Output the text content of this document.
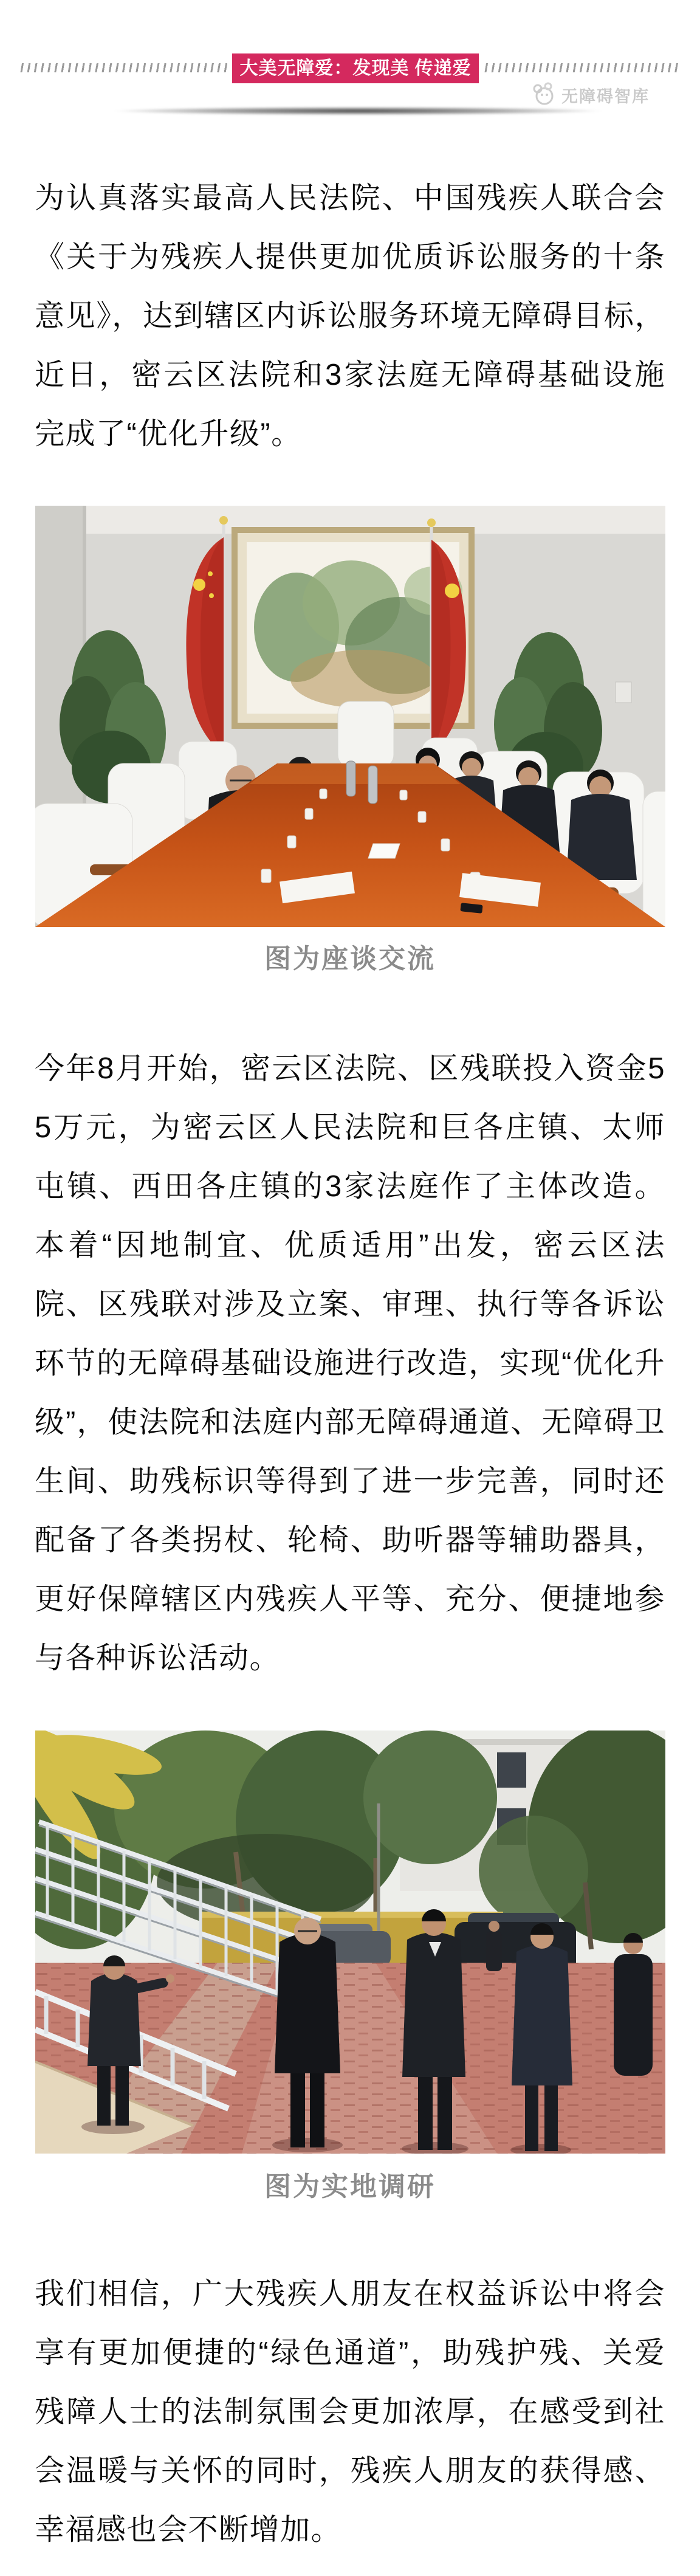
大美无障爱：发现美 传递爱
无障碍智库
为认真落实最高人民法院、中国残疾人联合会《关于为残疾人提供更加优质诉讼服务的十条意见》，达到辖区内诉讼服务环境无障碍目标，近日，密云区法院和3家法庭无障碍基础设施完成了“优化升级”。
图为座谈交流
今年8月开始，密云区法院、区残联投入资金55万元，为密云区人民法院和巨各庄镇、太师屯镇、西田各庄镇的3家法庭作了主体改造。本着“因地制宜、优质适用”出发，密云区法院、区残联对涉及立案、审理、执行等各诉讼环节的无障碍基础设施进行改造，实现“优化升级”，使法院和法庭内部无障碍通道、无障碍卫生间、助残标识等得到了进一步完善，同时还配备了各类拐杖、轮椅、助听器等辅助器具，更好保障辖区内残疾人平等、充分、便捷地参与各种诉讼活动。
图为实地调研
我们相信，广大残疾人朋友在权益诉讼中将会享有更加便捷的“绿色通道”，助残护残、关爱残障人士的法制氛围会更加浓厚，在感受到社会温暖与关怀的同时，残疾人朋友的获得感、幸福感也会不断增加。
